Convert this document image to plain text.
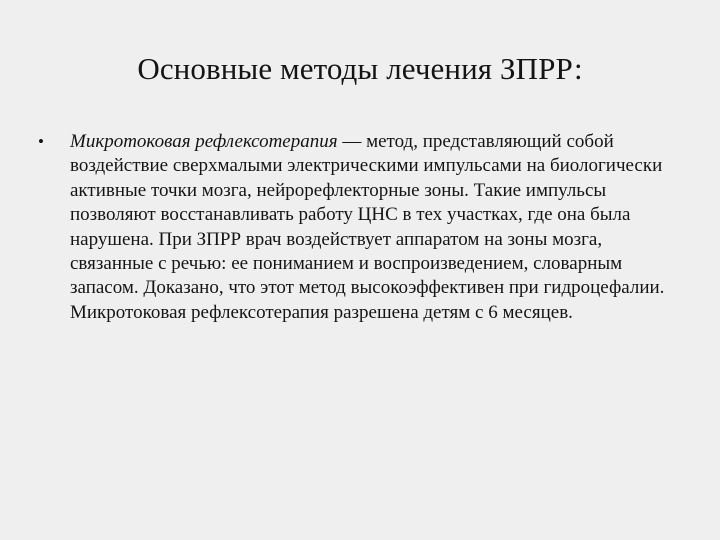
Основные методы лечения ЗПРР:
•	Микротоковая рефлексотерапия — метод, представляющий собой воздействие сверхмалыми электрическими импульсами на биологически активные точки мозга, нейрорефлекторные зоны. Такие импульсы позволяют восстанавливать работу ЦНС в тех участках, где она была нарушена. При ЗПРР врач воздействует аппаратом на зоны мозга, связанные с речью: ее пониманием и воспроизведением, словарным запасом. Доказано, что этот метод высокоэффективен при гидроцефалии. Микротоковая рефлексотерапия разрешена детям с 6 месяцев.
